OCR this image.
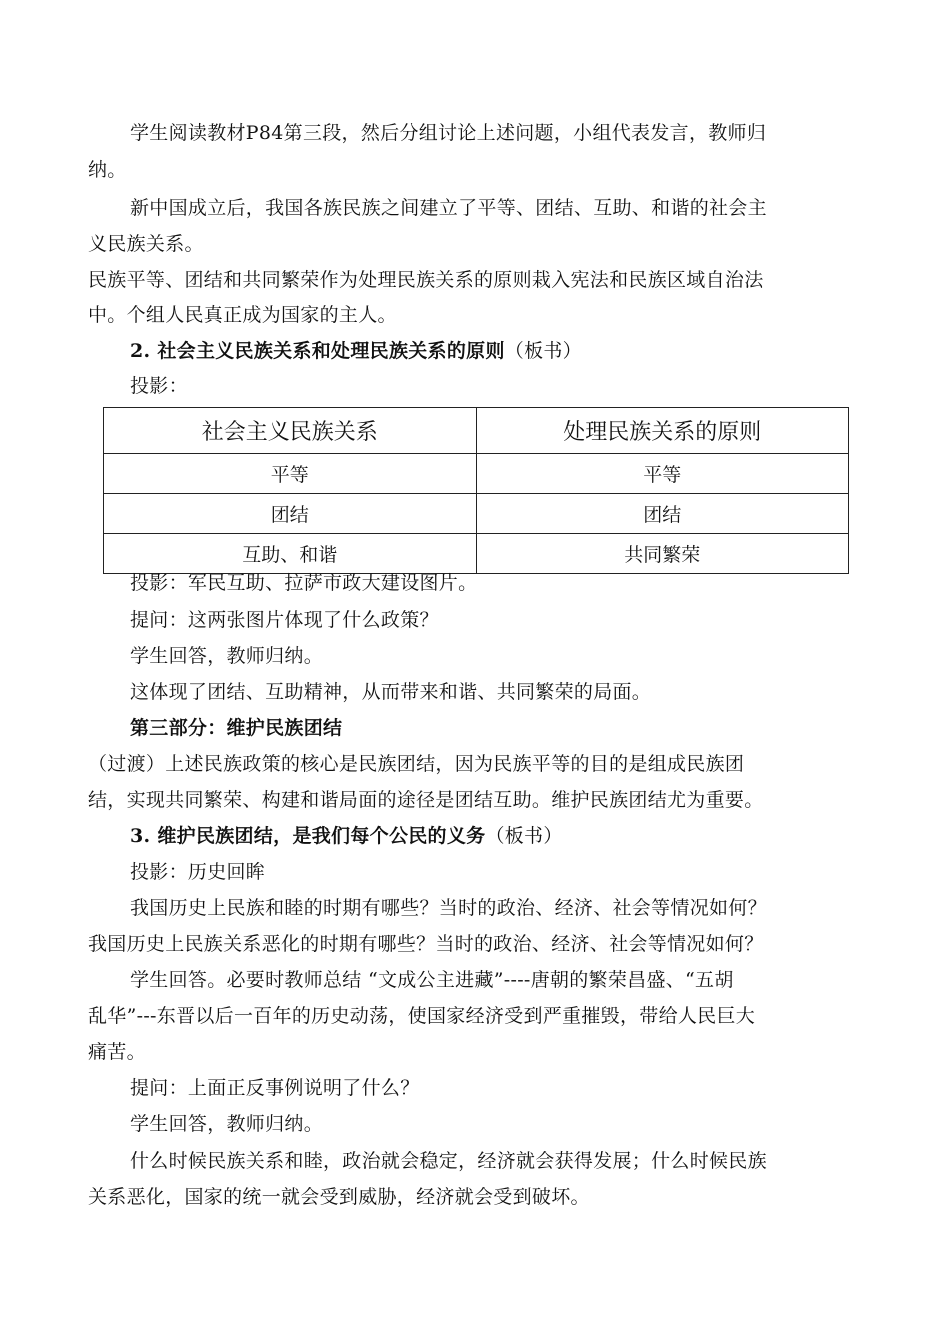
学生阅读教材P84第三段，然后分组讨论上述问题，小组代表发言，教师归
纳。
新中国成立后，我国各族民族之间建立了平等、团结、互助、和谐的社会主
义民族关系。
民族平等、团结和共同繁荣作为处理民族关系的原则栽入宪法和民族区域自治法
中。个组人民真正成为国家的主人。
2. 社会主义民族关系和处理民族关系的原则（板书）
投影：
社会主义民族关系	处理民族关系的原则
平等	平等
团结	团结
互助、和谐	共同繁荣
投影：军民互助、拉萨市政大建设图片。
提问：这两张图片体现了什么政策？
学生回答，教师归纳。
这体现了团结、互助精神，从而带来和谐、共同繁荣的局面。
第三部分：维护民族团结
（过渡）上述民族政策的核心是民族团结，因为民族平等的目的是组成民族团
结，实现共同繁荣、构建和谐局面的途径是团结互助。维护民族团结尤为重要。
3. 维护民族团结，是我们每个公民的义务（板书）
投影：历史回眸
我国历史上民族和睦的时期有哪些？当时的政治、经济、社会等情况如何？
我国历史上民族关系恶化的时期有哪些？当时的政治、经济、社会等情况如何？
学生回答。必要时教师总结 “文成公主进藏”----唐朝的繁荣昌盛、“五胡
乱华”---东晋以后一百年的历史动荡，使国家经济受到严重摧毁，带给人民巨大
痛苦。
提问：上面正反事例说明了什么？
学生回答，教师归纳。
什么时候民族关系和睦，政治就会稳定，经济就会获得发展；什么时候民族
关系恶化，国家的统一就会受到威胁，经济就会受到破坏。
